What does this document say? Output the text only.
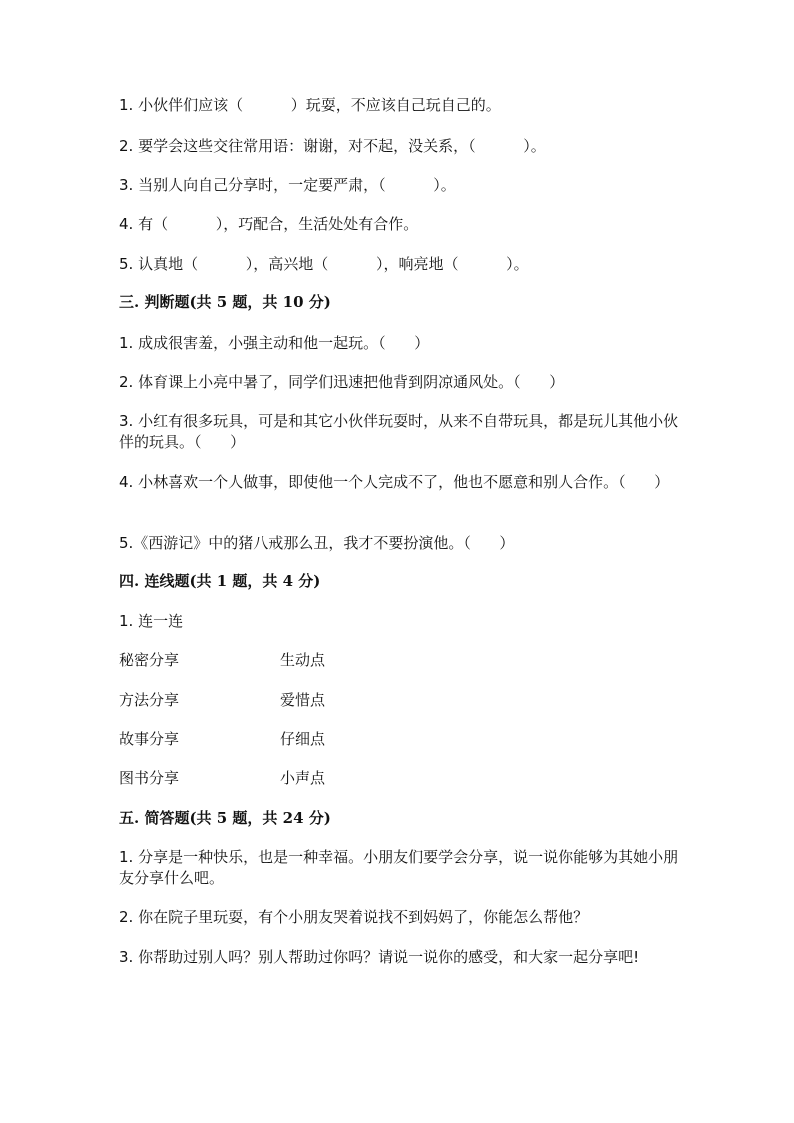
1. 小伙伴们应该（          ）玩耍，不应该自己玩自己的。
2. 要学会这些交往常用语：谢谢，对不起，没关系，（          ）。
3. 当别人向自己分享时，一定要严肃，（          ）。
4. 有（          ），巧配合，生活处处有合作。
5. 认真地（          ），高兴地（          ），响亮地（          ）。
三. 判断题(共 5 题，共 10 分)
1. 成成很害羞，小强主动和他一起玩。（      ）
2. 体育课上小亮中暑了，同学们迅速把他背到阴凉通风处。（      ）
3. 小红有很多玩具，可是和其它小伙伴玩耍时，从来不自带玩具，都是玩儿其他小伙伴的玩具。（      ）
4. 小林喜欢一个人做事，即使他一个人完成不了，他也不愿意和别人合作。（      ）
5.《西游记》中的猪八戒那么丑，我才不要扮演他。（      ）
四. 连线题(共 1 题，共 4 分)
1. 连一连
秘密分享	生动点
方法分享	爱惜点
故事分享	仔细点
图书分享	小声点
五. 简答题(共 5 题，共 24 分)
1. 分享是一种快乐，也是一种幸福。小朋友们要学会分享，说一说你能够为其她小朋友分享什么吧。
2. 你在院子里玩耍，有个小朋友哭着说找不到妈妈了，你能怎么帮他？
3. 你帮助过别人吗？别人帮助过你吗？请说一说你的感受，和大家一起分享吧!
